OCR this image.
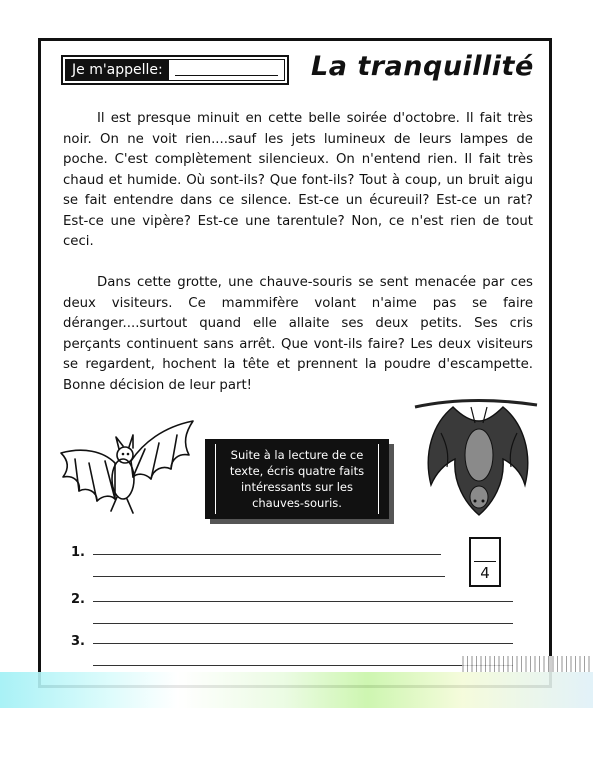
Je m'appelle:	La tranquillité

Il est presque minuit en cette belle soirée d'octobre. Il fait très noir. On ne voit rien....sauf les jets lumineux de leurs lampes de poche. C'est complètement silencieux. On n'entend rien. Il fait très chaud et humide. Où sont-ils? Que font-ils? Tout à coup, un bruit aigu se fait entendre dans ce silence. Est-ce un écureuil? Est-ce un rat? Est-ce une vipère? Est-ce une tarentule? Non, ce n'est rien de tout ceci.

Dans cette grotte, une chauve-souris se sent menacée par ces deux visiteurs. Ce mammifère volant n'aime pas se faire déranger....surtout quand elle allaite ses deux petits. Ses cris perçants continuent sans arrêt. Que vont-ils faire? Les deux visiteurs se regardent, hochent la tête et prennent la poudre d'escampette. Bonne décision de leur part!

Suite à la lecture de ce texte, écris quatre faits intéressants sur les chauves-souris.
1.
4
2.
3.
